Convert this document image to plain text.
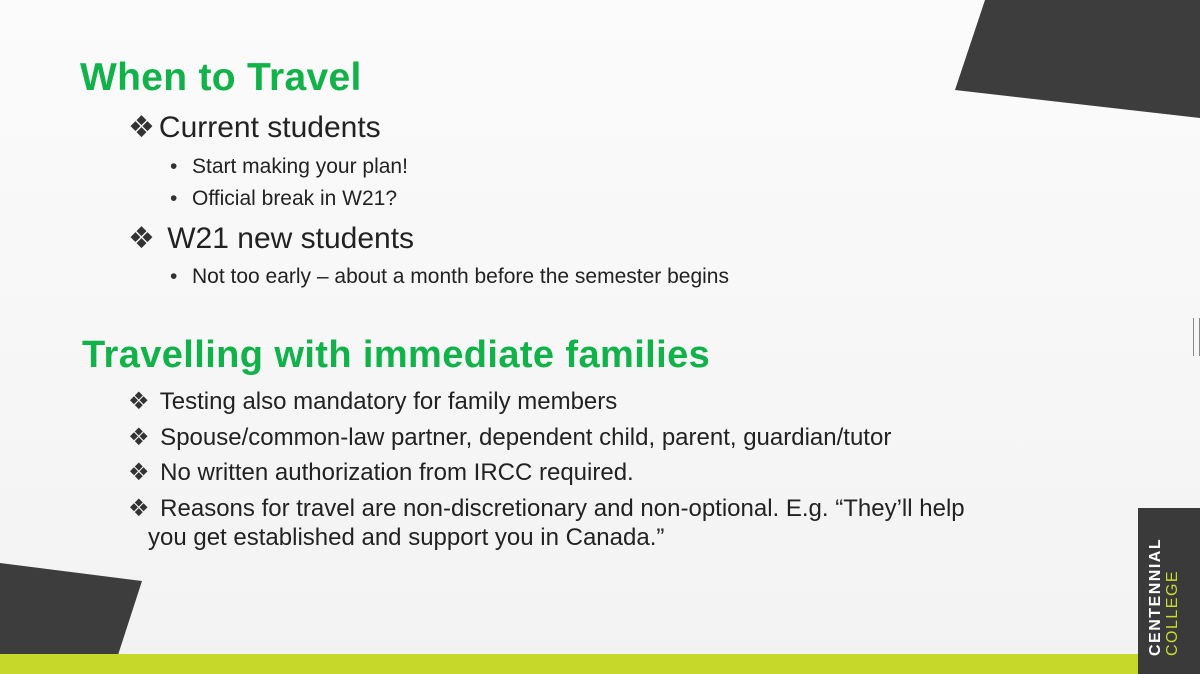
When to Travel
❖ Current students
• Start making your plan!
• Official break in W21?
❖ W21 new students
• Not too early – about a month before the semester begins
Travelling with immediate families
❖ Testing also mandatory for family members
❖ Spouse/common-law partner, dependent child, parent, guardian/tutor
❖ No written authorization from IRCC required.
❖ Reasons for travel are non-discretionary and non-optional. E.g. “They’ll help
you get established and support you in Canada.”
CENTENNIAL COLLEGE
